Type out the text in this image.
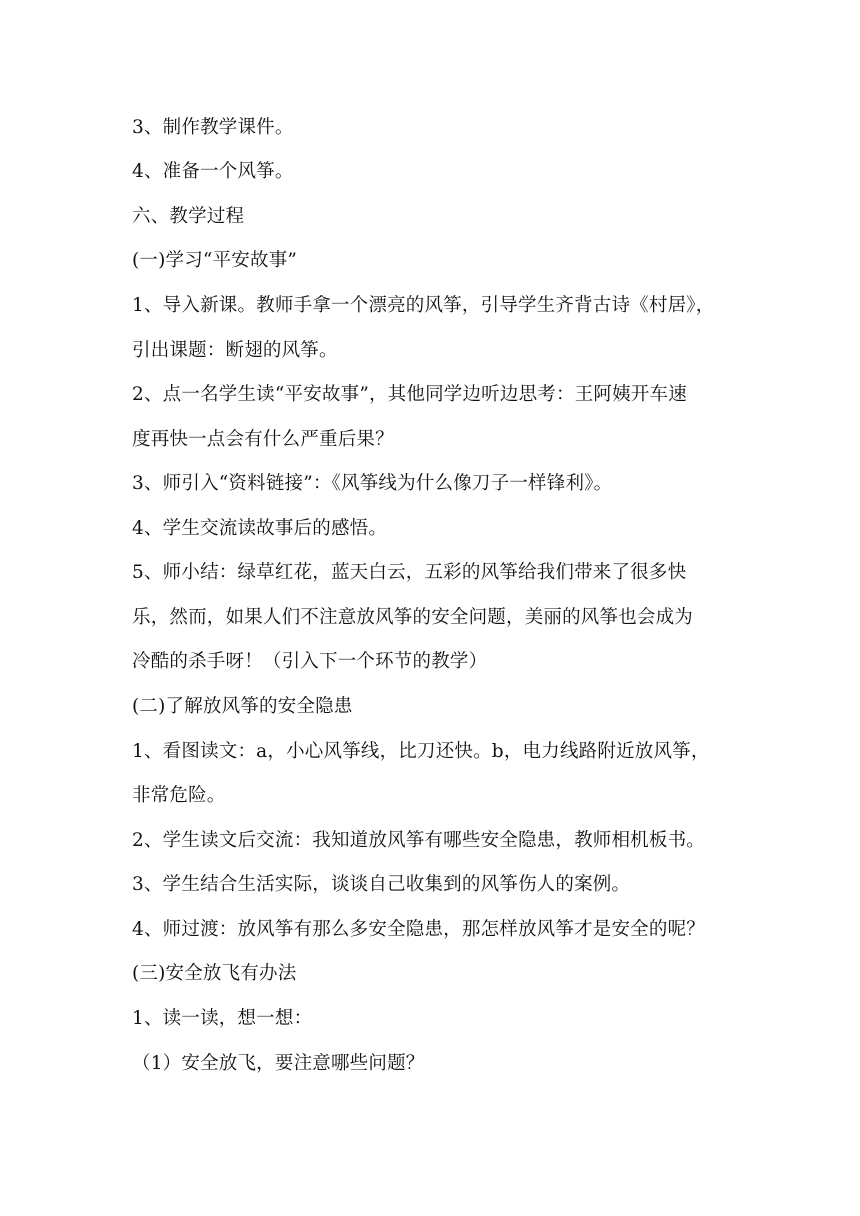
3、制作教学课件。
4、准备一个风筝。
六、教学过程
(一)学习“平安故事”
1、导入新课。教师手拿一个漂亮的风筝，引导学生齐背古诗《村居》，
引出课题：断翅的风筝。
2、点一名学生读“平安故事”，其他同学边听边思考：王阿姨开车速
度再快一点会有什么严重后果？
3、师引入“资料链接”：《风筝线为什么像刀子一样锋利》。
4、学生交流读故事后的感悟。
5、师小结：绿草红花，蓝天白云，五彩的风筝给我们带来了很多快
乐，然而，如果人们不注意放风筝的安全问题，美丽的风筝也会成为
冷酷的杀手呀！（引入下一个环节的教学）
(二)了解放风筝的安全隐患
1、看图读文：a，小心风筝线，比刀还快。b，电力线路附近放风筝，
非常危险。
2、学生读文后交流：我知道放风筝有哪些安全隐患，教师相机板书。
3、学生结合生活实际，谈谈自己收集到的风筝伤人的案例。
4、师过渡：放风筝有那么多安全隐患，那怎样放风筝才是安全的呢？
(三)安全放飞有办法
1、读一读，想一想：
（1）安全放飞，要注意哪些问题？
